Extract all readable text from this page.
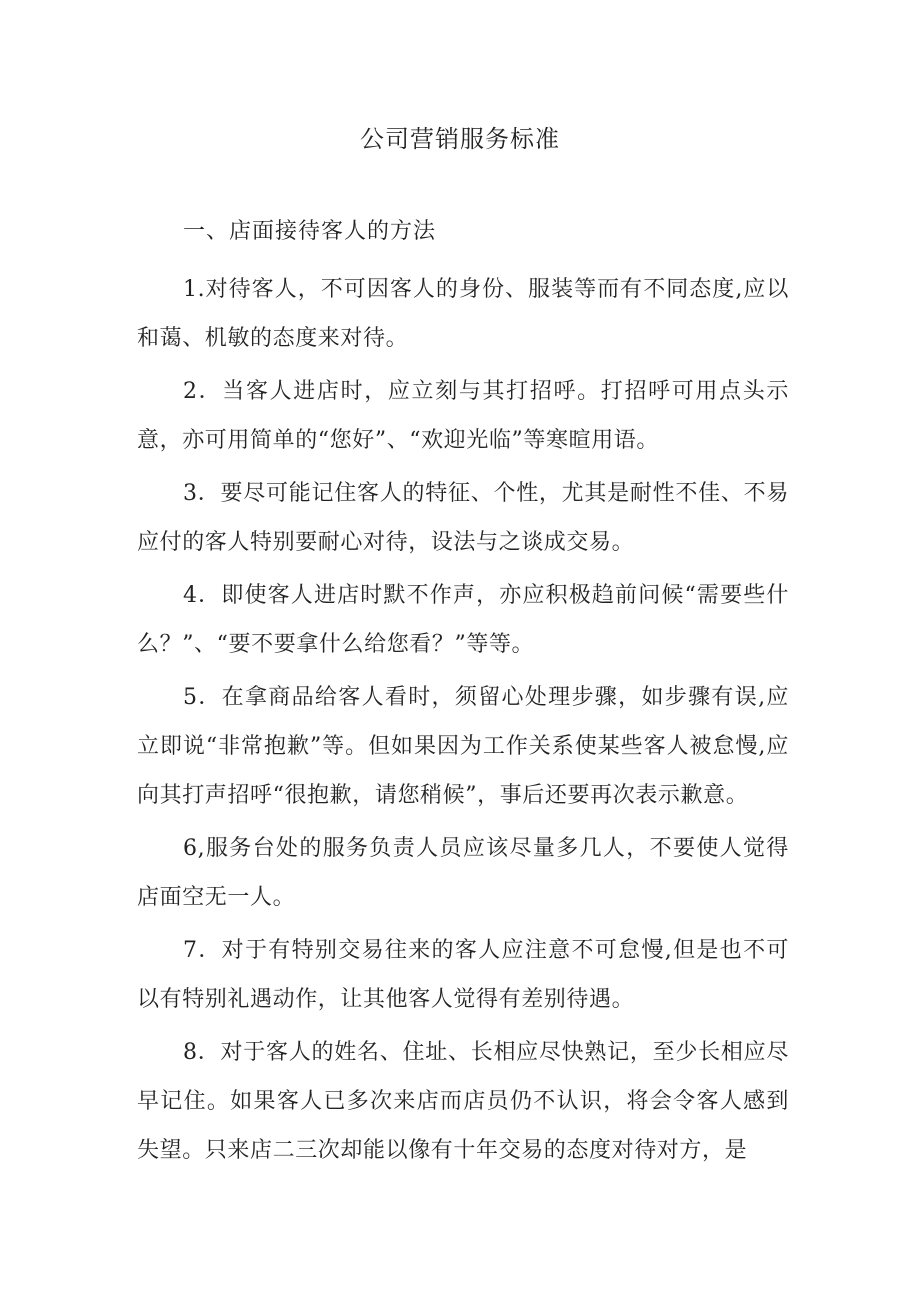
公司营销服务标准
一、店面接待客人的方法

1.对待客人，不可因客人的身份、服装等而有不同态度,应以和蔼、机敏的态度来对待。

2．当客人进店时，应立刻与其打招呼。打招呼可用点头示意，亦可用简单的“您好”、“欢迎光临”等寒暄用语。

3．要尽可能记住客人的特征、个性，尤其是耐性不佳、不易应付的客人特别要耐心对待，设法与之谈成交易。

4．即使客人进店时默不作声，亦应积极趋前问候“需要些什么？”、“要不要拿什么给您看？”等等。

5．在拿商品给客人看时，须留心处理步骤，如步骤有误,应立即说“非常抱歉”等。但如果因为工作关系使某些客人被怠慢,应向其打声招呼“很抱歉，请您稍候”，事后还要再次表示歉意。

6,服务台处的服务负责人员应该尽量多几人，不要使人觉得店面空无一人。

7．对于有特别交易往来的客人应注意不可怠慢,但是也不可以有特别礼遇动作，让其他客人觉得有差别待遇。

8．对于客人的姓名、住址、长相应尽快熟记，至少长相应尽早记住。如果客人已多次来店而店员仍不认识，将会令客人感到失望。只来店二三次却能以像有十年交易的态度对待对方，是
